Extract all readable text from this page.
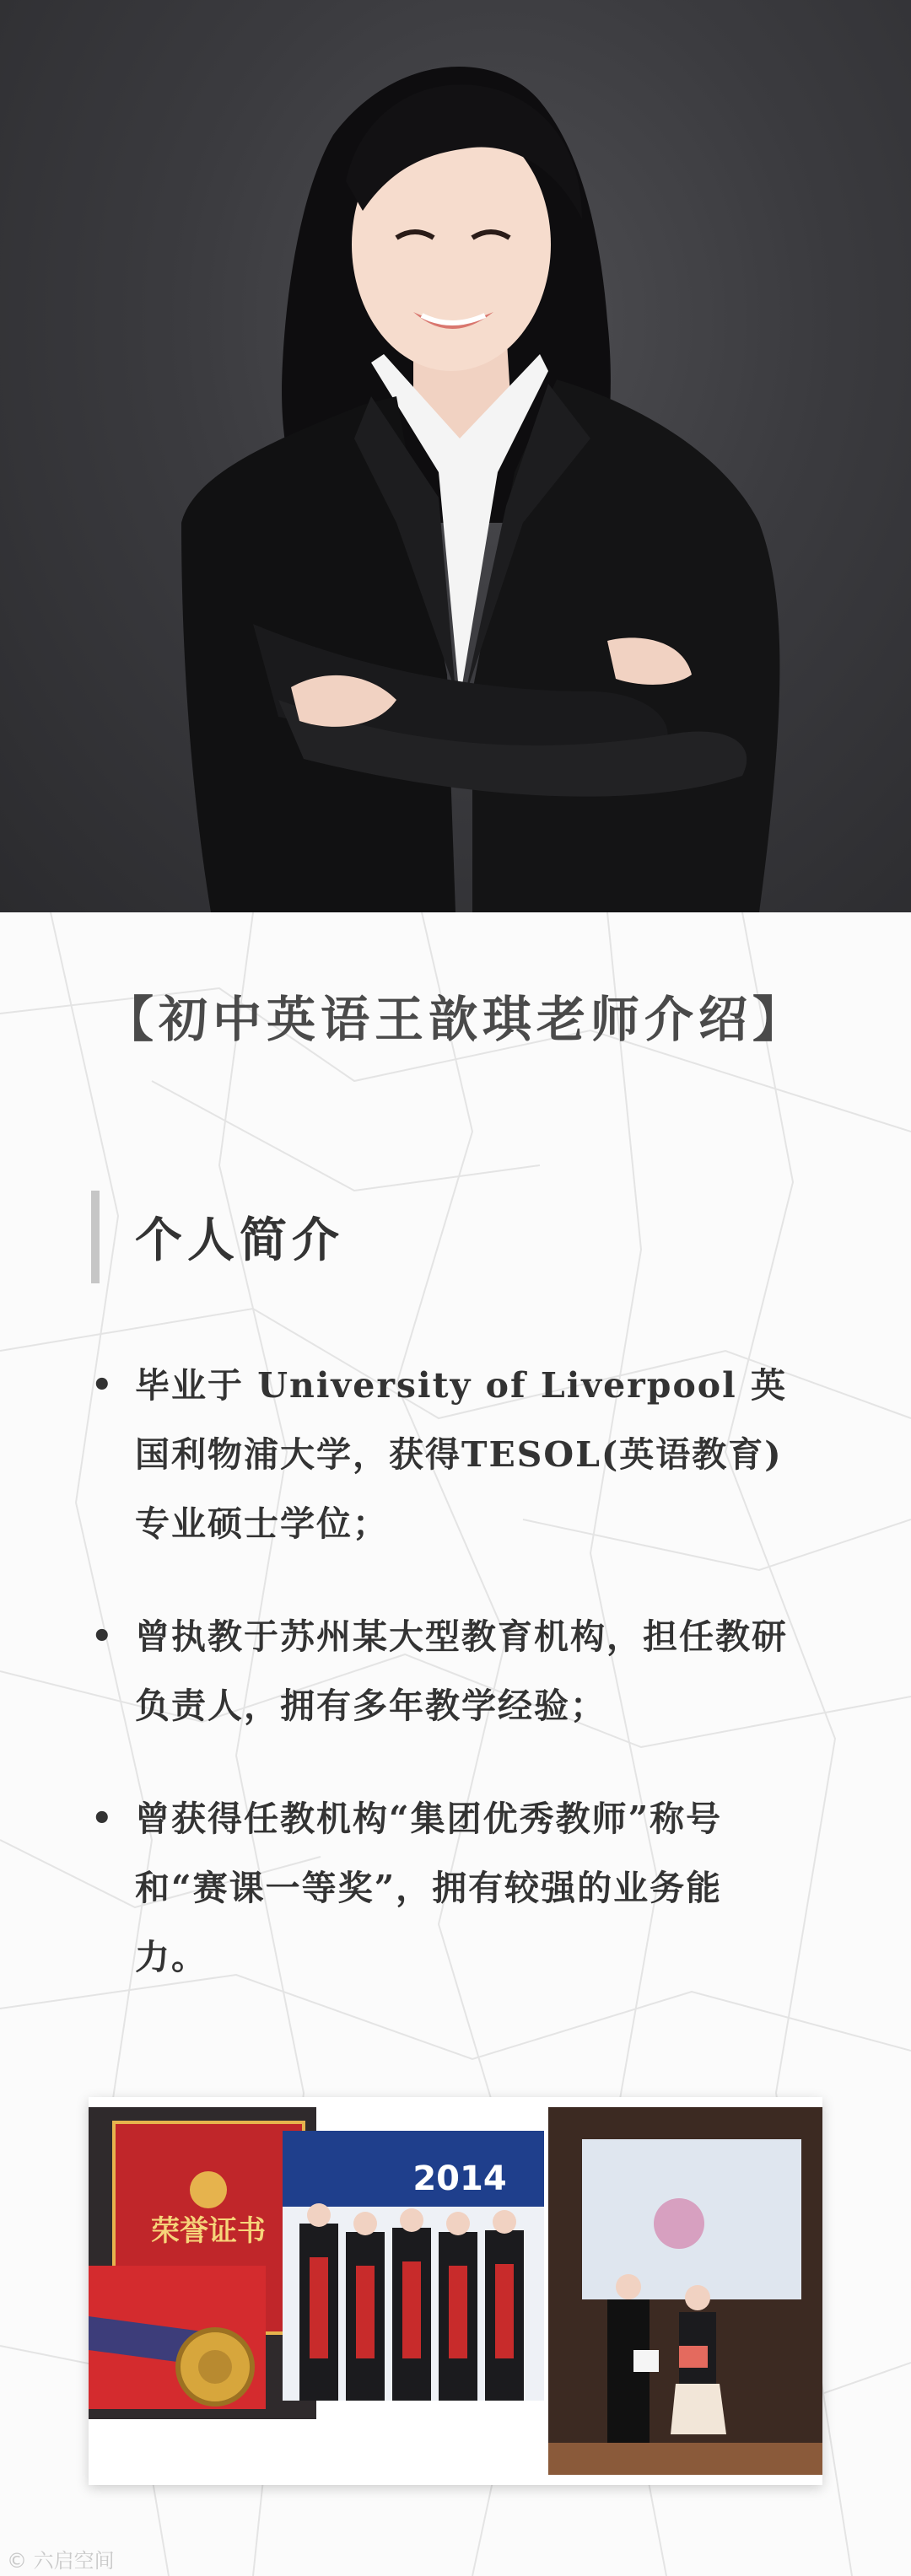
【初中英语王歆琪老师介绍】
个人简介
• 毕业于 University of Liverpool 英国利物浦大学，获得TESOL(英语教育)专业硕士学位；
• 曾执教于苏州某大型教育机构，担任教研负责人，拥有多年教学经验；
• 曾获得任教机构“集团优秀教师”称号和“赛课一等奖”，拥有较强的业务能力。
荣誉证书
2014
© 六启空间
